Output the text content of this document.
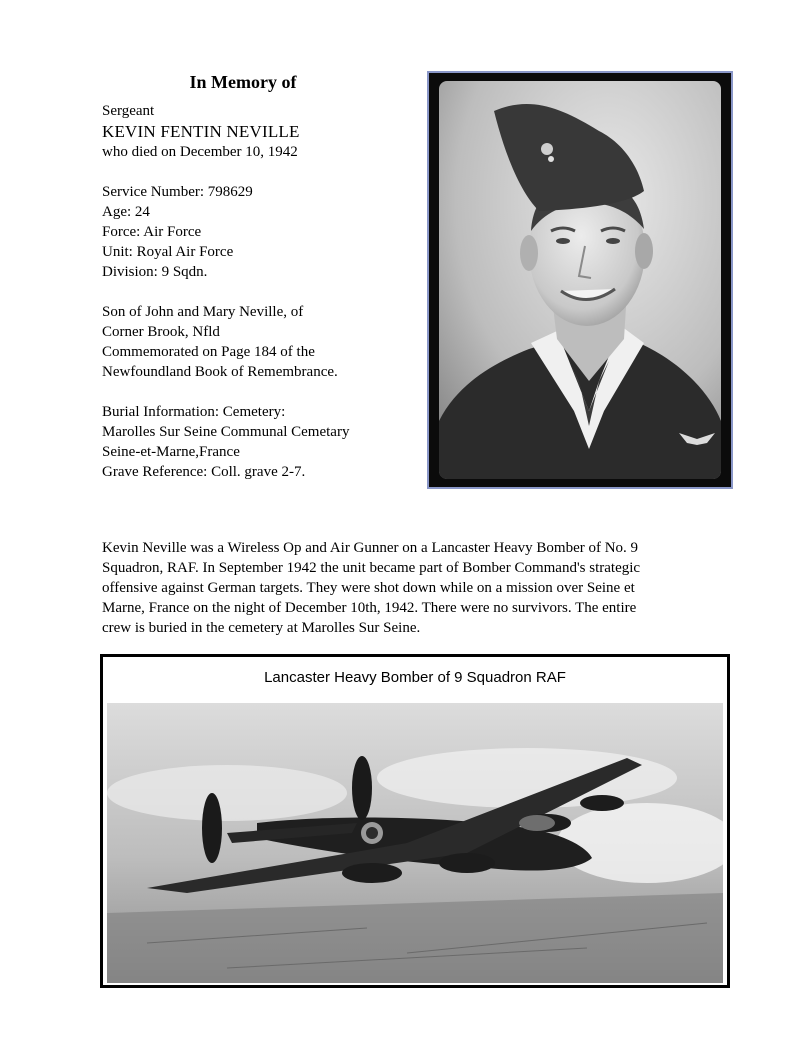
In Memory of
Sergeant
KEVIN FENTIN NEVILLE
who died on December 10, 1942
Service Number: 798629
Age: 24
Force: Air Force
Unit: Royal Air Force
Division: 9 Sqdn.
Son of John and Mary Neville, of
Corner Brook, Nfld
Commemorated on Page 184 of the
Newfoundland Book of Remembrance.
Burial Information: Cemetery:
Marolles Sur Seine Communal Cemetary
Seine-et-Marne,France
Grave Reference: Coll. grave 2-7.
Kevin Neville was a Wireless Op and Air Gunner on a Lancaster Heavy Bomber of No. 9
Squadron, RAF. In September 1942 the unit became part of Bomber Command's strategic
offensive against German targets. They were shot down while on a mission over Seine et
Marne, France on the night of December 10th, 1942. There were no survivors. The entire
crew is buried in the cemetery at Marolles Sur Seine.
Lancaster Heavy Bomber of 9 Squadron RAF
